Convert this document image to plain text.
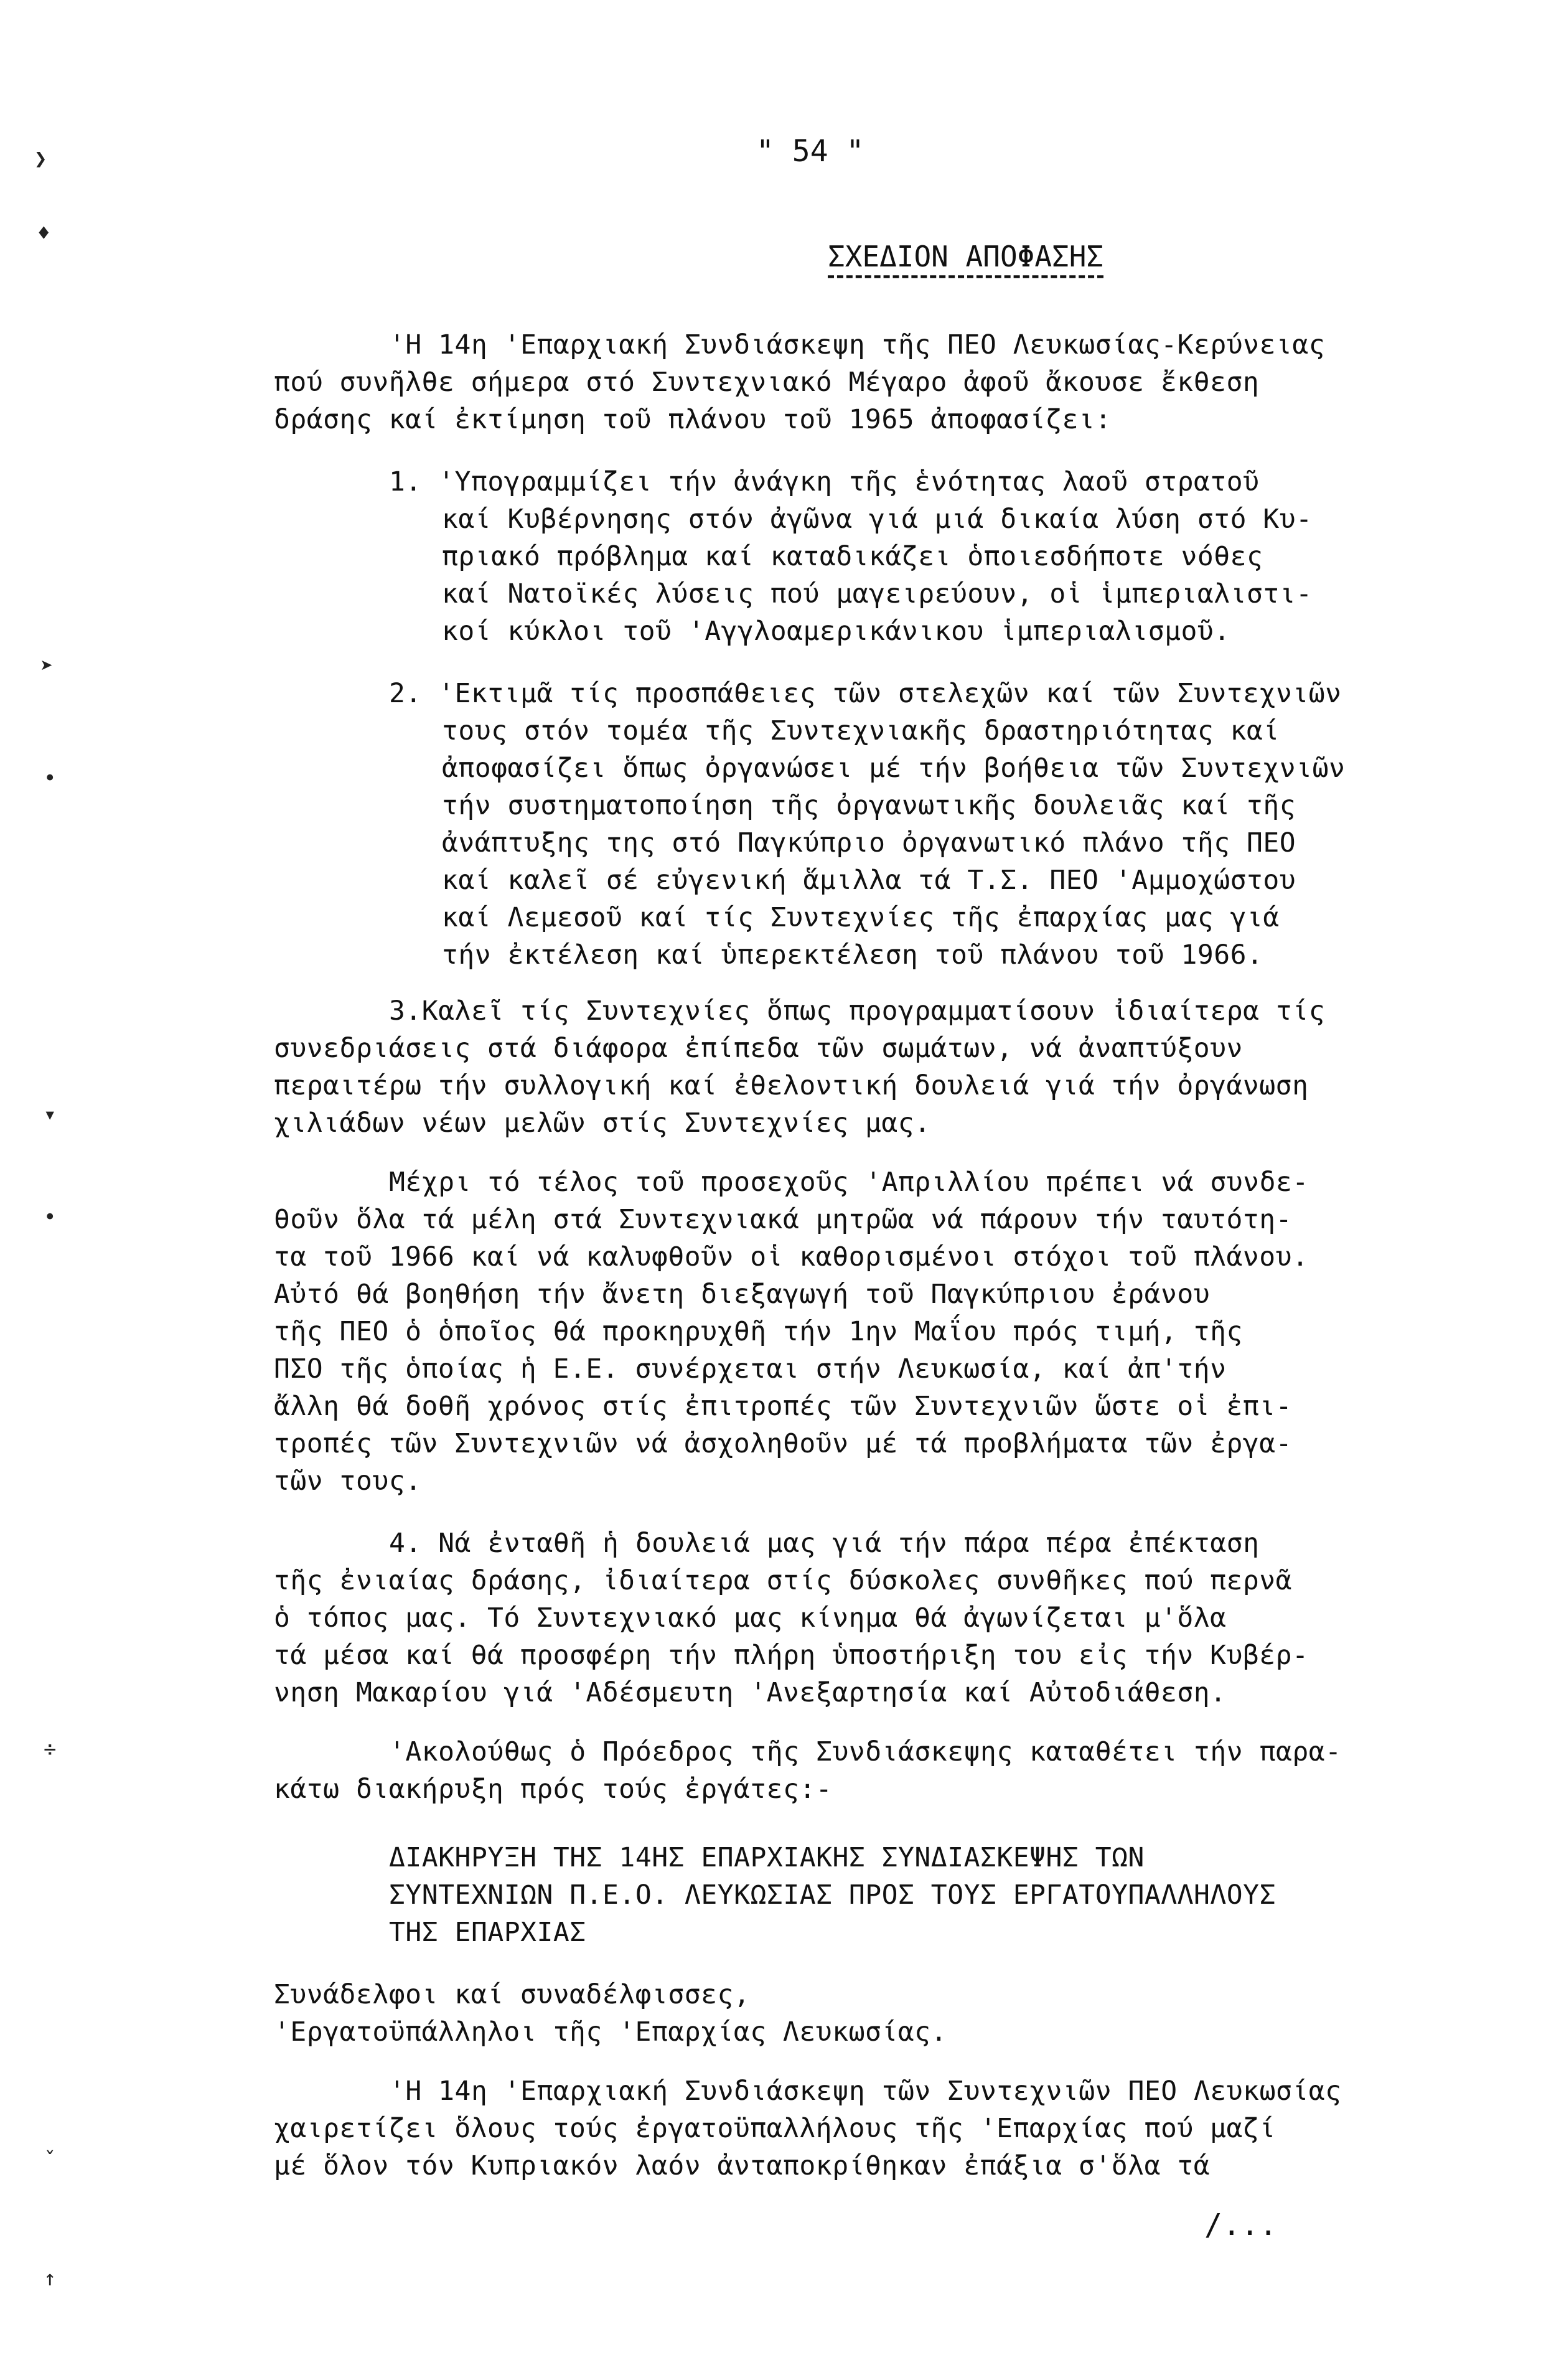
" 54 "
ΣΧΕΔΙΟΝ ΑΠΟΦΑΣΗΣ
'Η 14η 'Επαρχιακή Συνδιάσκεψη τῆς ΠΕΟ Λευκωσίας-Κερύνειας
πού συνῆλθε σήμερα στό Συντεχνιακό Μέγαρο ἀφοῦ ἄκουσε ἔκθεση
δράσης καί ἐκτίμηση τοῦ πλάνου τοῦ 1965 ἀποφασίζει:
1. 'Υπογραμμίζει τήν ἀνάγκη τῆς ἑνότητας λαοῦ στρατοῦ
καί Κυβέρνησης στόν ἀγῶνα γιά μιά δικαία λύση στό Κυ-
πριακό πρόβλημα καί καταδικάζει ὁποιεσδήποτε νόθες
καί Νατοϊκές λύσεις πού μαγειρεύουν, οἱ ἱμπεριαλιστι-
κοί κύκλοι τοῦ 'Αγγλοαμερικάνικου ἱμπεριαλισμοῦ.
2. 'Εκτιμᾶ τίς προσπάθειες τῶν στελεχῶν καί τῶν Συντεχνιῶν
τους στόν τομέα τῆς Συντεχνιακῆς δραστηριότητας καί
ἀποφασίζει ὅπως ὀργανώσει μέ τήν βοήθεια τῶν Συντεχνιῶν
τήν συστηματοποίηση τῆς ὀργανωτικῆς δουλειᾶς καί τῆς
ἀνάπτυξης της στό Παγκύπριο ὀργανωτικό πλάνο τῆς ΠΕΟ
καί καλεῖ σέ εὐγενική ἅμιλλα τά Τ.Σ. ΠΕΟ 'Αμμοχώστου
καί Λεμεσοῦ καί τίς Συντεχνίες τῆς ἐπαρχίας μας γιά
τήν ἐκτέλεση καί ὑπερεκτέλεση τοῦ πλάνου τοῦ 1966.
3.Καλεῖ τίς Συντεχνίες ὅπως προγραμματίσουν ἰδιαίτερα τίς
συνεδριάσεις στά διάφορα ἐπίπεδα τῶν σωμάτων, νά ἀναπτύξουν
περαιτέρω τήν συλλογική καί ἐθελοντική δουλειά γιά τήν ὀργάνωση
χιλιάδων νέων μελῶν στίς Συντεχνίες μας.
Μέχρι τό τέλος τοῦ προσεχοῦς 'Απριλλίου πρέπει νά συνδε-
θοῦν ὅλα τά μέλη στά Συντεχνιακά μητρῶα νά πάρουν τήν ταυτότη-
τα τοῦ 1966 καί νά καλυφθοῦν οἱ καθορισμένοι στόχοι τοῦ πλάνου.
Αὐτό θά βοηθήση τήν ἄνετη διεξαγωγή τοῦ Παγκύπριου ἐράνου
τῆς ΠΕΟ ὁ ὁποῖος θά προκηρυχθῆ τήν 1ην Μαΐου πρός τιμή, τῆς
ΠΣΟ τῆς ὁποίας ἡ Ε.Ε. συνέρχεται στήν Λευκωσία, καί ἀπ'τήν
ἄλλη θά δοθῆ χρόνος στίς ἐπιτροπές τῶν Συντεχνιῶν ὥστε οἱ ἐπι-
τροπές τῶν Συντεχνιῶν νά ἀσχοληθοῦν μέ τά προβλήματα τῶν ἐργα-
τῶν τους.
4. Νά ἐνταθῆ ἡ δουλειά μας γιά τήν πάρα πέρα ἐπέκταση
τῆς ἐνιαίας δράσης, ἰδιαίτερα στίς δύσκολες συνθῆκες πού περνᾶ
ὁ τόπος μας. Τό Συντεχνιακό μας κίνημα θά ἀγωνίζεται μ'ὅλα
τά μέσα καί θά προσφέρη τήν πλήρη ὑποστήριξη του εἰς τήν Κυβέρ-
νηση Μακαρίου γιά 'Αδέσμευτη 'Ανεξαρτησία καί Αὐτοδιάθεση.
'Ακολούθως ὁ Πρόεδρος τῆς Συνδιάσκεψης καταθέτει τήν παρα-
κάτω διακήρυξη πρός τούς ἐργάτες:-
ΔΙΑΚΗΡΥΞΗ ΤΗΣ 14ΗΣ ΕΠΑΡΧΙΑΚΗΣ ΣΥΝΔΙΑΣΚΕΨΗΣ ΤΩΝ
ΣΥΝΤΕΧΝΙΩΝ Π.Ε.Ο. ΛΕΥΚΩΣΙΑΣ ΠΡΟΣ ΤΟΥΣ ΕΡΓΑΤΟΥΠΑΛΛΗΛΟΥΣ
ΤΗΣ ΕΠΑΡΧΙΑΣ
Συνάδελφοι καί συναδέλφισσες,
'Εργατοϋπάλληλοι τῆς 'Επαρχίας Λευκωσίας.
'Η 14η 'Επαρχιακή Συνδιάσκεψη τῶν Συντεχνιῶν ΠΕΟ Λευκωσίας
χαιρετίζει ὅλους τούς ἐργατοϋπαλλήλους τῆς 'Επαρχίας πού μαζί
μέ ὅλον τόν Κυπριακόν λαόν ἀνταποκρίθηκαν ἐπάξια σ'ὅλα τά
/...
❯
♦
➤
•
▾
•
÷
ˇ
↑
